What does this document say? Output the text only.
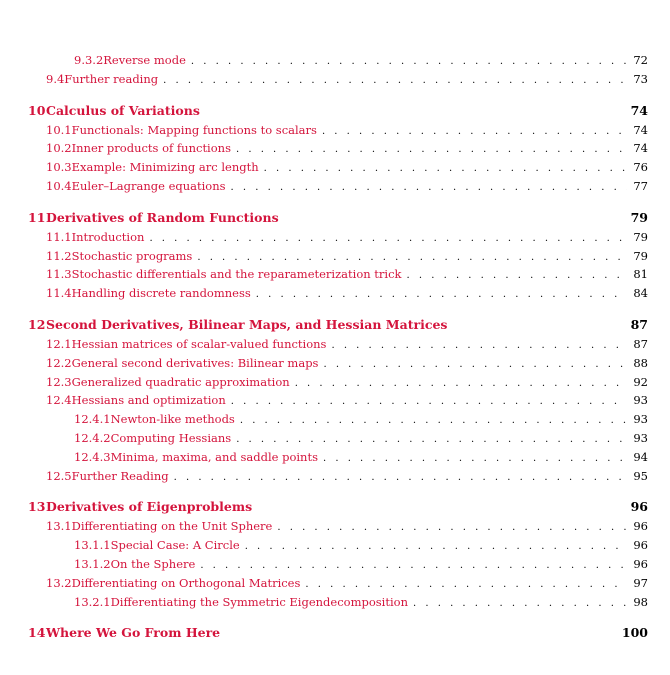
9.3.2 Reverse mode . . .	72
9.4 Further reading . . .	73
10 Calculus of Variations	74
10.1 Functionals: Mapping functions to scalars . . .	74
10.2 Inner products of functions . . .	74
10.3 Example: Minimizing arc length . . .	76
10.4 Euler–Lagrange equations . . .	77
11 Derivatives of Random Functions	79
11.1 Introduction . . .	79
11.2 Stochastic programs . . .	79
11.3 Stochastic differentials and the reparameterization trick . . .	81
11.4 Handling discrete randomness . . .	84
12 Second Derivatives, Bilinear Maps, and Hessian Matrices	87
12.1 Hessian matrices of scalar-valued functions . . .	87
12.2 General second derivatives: Bilinear maps . . .	88
12.3 Generalized quadratic approximation . . .	92
12.4 Hessians and optimization . . .	93
12.4.1 Newton-like methods . . .	93
12.4.2 Computing Hessians . . .	93
12.4.3 Minima, maxima, and saddle points . . .	94
12.5 Further Reading . . .	95
13 Derivatives of Eigenproblems	96
13.1 Differentiating on the Unit Sphere . . .	96
13.1.1 Special Case: A Circle . . .	96
13.1.2 On the Sphere . . .	96
13.2 Differentiating on Orthogonal Matrices . . .	97
13.2.1 Differentiating the Symmetric Eigendecomposition . . .	98
14 Where We Go From Here	100
